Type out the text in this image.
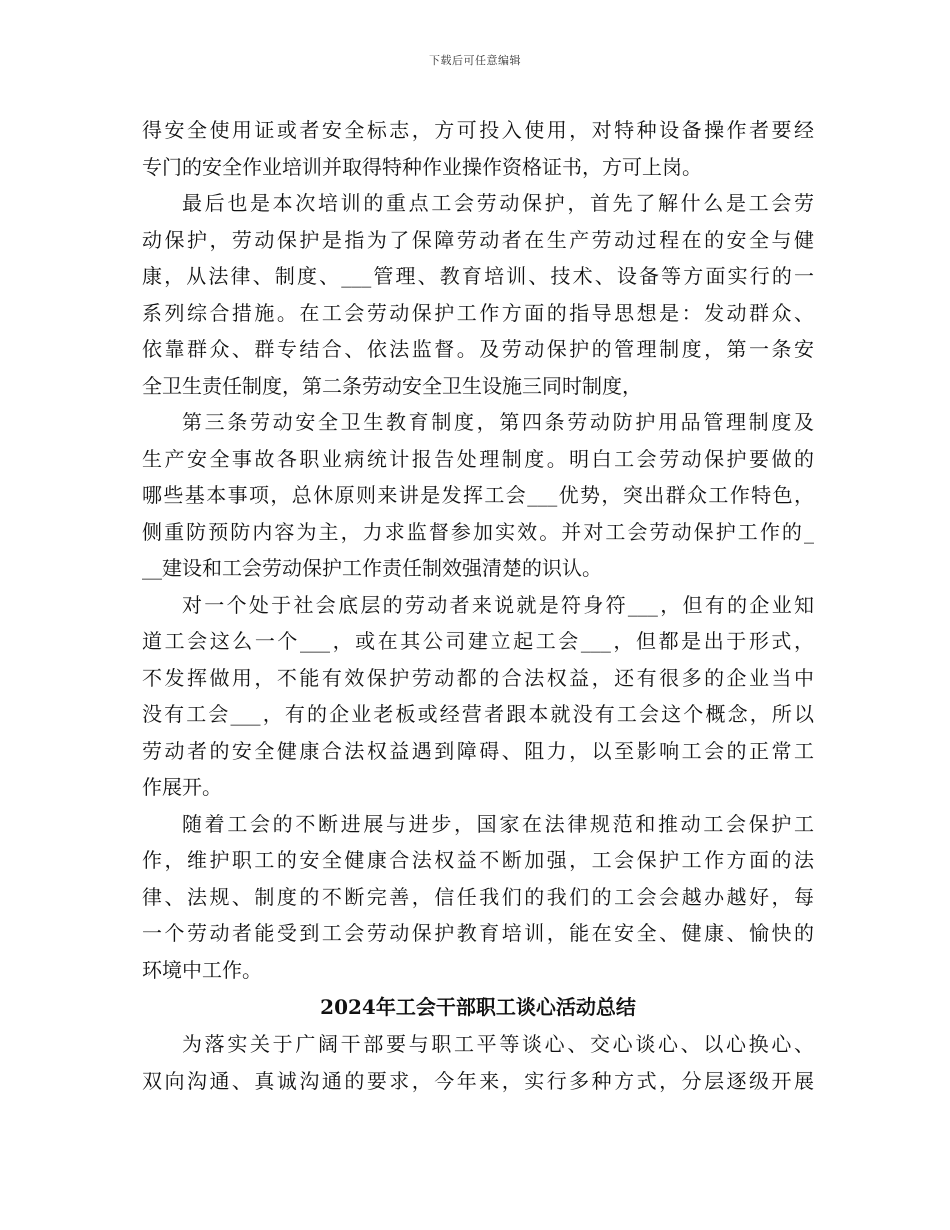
下载后可任意编辑
得安全使用证或者安全标志，方可投入使用，对特种设备操作者要经
专门的安全作业培训并取得特种作业操作资格证书，方可上岗。
最后也是本次培训的重点工会劳动保护，首先了解什么是工会劳
动保护，劳动保护是指为了保障劳动者在生产劳动过程在的安全与健
康，从法律、制度、___管理、教育培训、技术、设备等方面实行的一
系列综合措施。在工会劳动保护工作方面的指导思想是：发动群众、
依靠群众、群专结合、依法监督。及劳动保护的管理制度，第一条安
全卫生责任制度，第二条劳动安全卫生设施三同时制度，
第三条劳动安全卫生教育制度，第四条劳动防护用品管理制度及
生产安全事故各职业病统计报告处理制度。明白工会劳动保护要做的
哪些基本事项，总休原则来讲是发挥工会___优势，突出群众工作特色，
侧重防预防内容为主，力求监督参加实效。并对工会劳动保护工作的_
__建设和工会劳动保护工作责任制效强清楚的识认。
对一个处于社会底层的劳动者来说就是符身符___，但有的企业知
道工会这么一个___，或在其公司建立起工会___，但都是出于形式，
不发挥做用，不能有效保护劳动都的合法权益，还有很多的企业当中
没有工会___，有的企业老板或经营者跟本就没有工会这个概念，所以
劳动者的安全健康合法权益遇到障碍、阻力，以至影响工会的正常工
作展开。
随着工会的不断进展与进步，国家在法律规范和推动工会保护工
作，维护职工的安全健康合法权益不断加强，工会保护工作方面的法
律、法规、制度的不断完善，信任我们的我们的工会会越办越好，每
一个劳动者能受到工会劳动保护教育培训，能在安全、健康、愉快的
环境中工作。
2024年工会干部职工谈心活动总结
为落实关于广阔干部要与职工平等谈心、交心谈心、以心换心、
双向沟通、真诚沟通的要求，今年来，实行多种方式，分层逐级开展
